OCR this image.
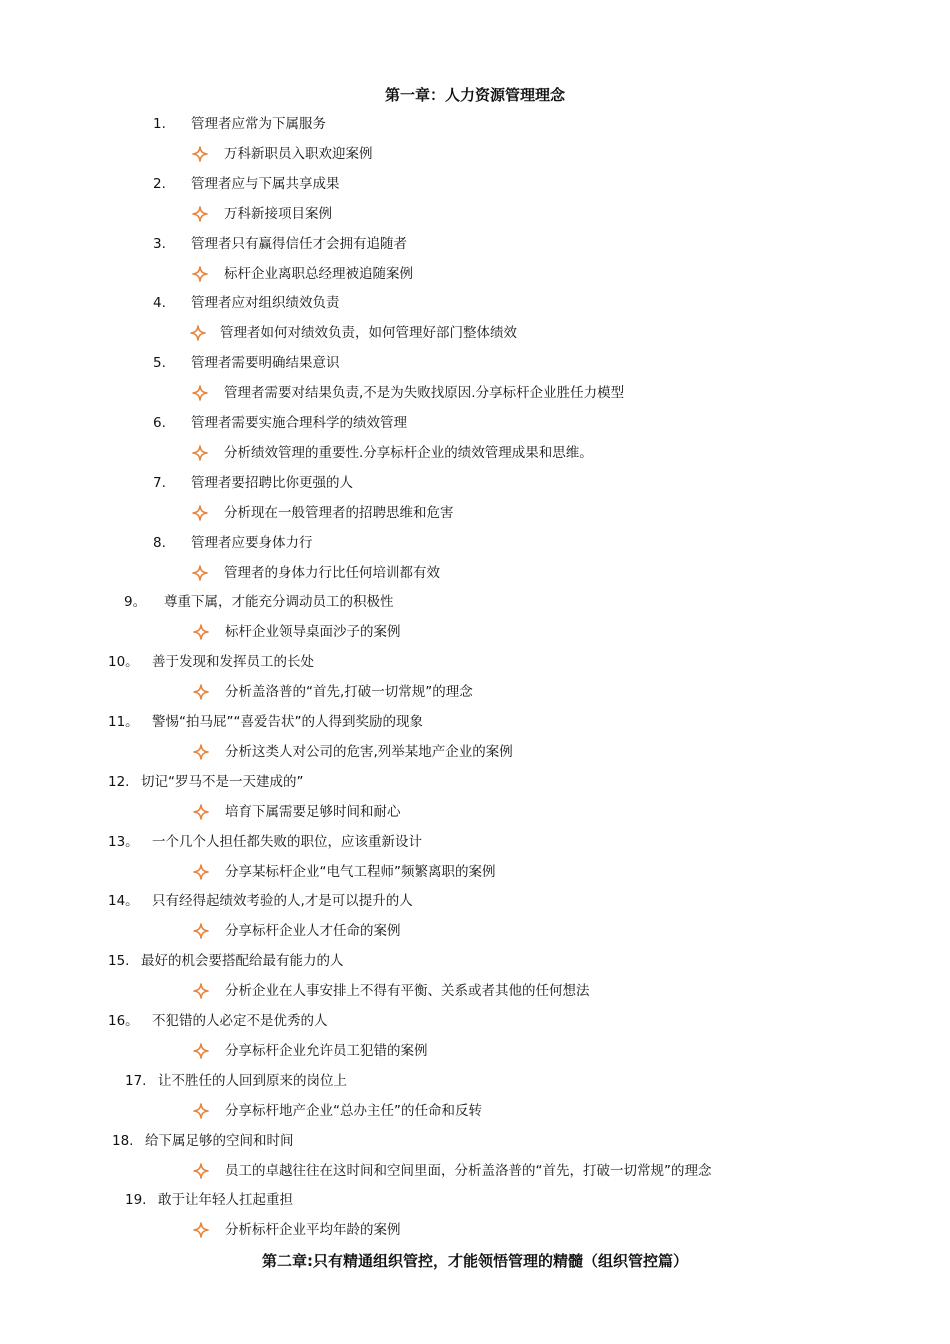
第一章：人力资源管理理念
1. 管理者应常为下属服务
万科新职员入职欢迎案例
2. 管理者应与下属共享成果
万科新接项目案例
3. 管理者只有赢得信任才会拥有追随者
标杆企业离职总经理被追随案例
4. 管理者应对组织绩效负责
管理者如何对绩效负责，如何管理好部门整体绩效
5. 管理者需要明确结果意识
管理者需要对结果负责,不是为失败找原因.分享标杆企业胜任力模型
6. 管理者需要实施合理科学的绩效管理
分析绩效管理的重要性.分享标杆企业的绩效管理成果和思维。
7. 管理者要招聘比你更强的人
分析现在一般管理者的招聘思维和危害
8. 管理者应要身体力行
管理者的身体力行比任何培训都有效
9。 尊重下属，才能充分调动员工的积极性
标杆企业领导桌面沙子的案例
10。 善于发现和发挥员工的长处
分析盖洛普的“首先,打破一切常规”的理念
11。 警惕“拍马屁”“喜爱告状”的人得到奖励的现象
分析这类人对公司的危害,列举某地产企业的案例
12. 切记“罗马不是一天建成的”
培育下属需要足够时间和耐心
13。 一个几个人担任都失败的职位，应该重新设计
分享某标杆企业“电气工程师”频繁离职的案例
14。 只有经得起绩效考验的人,才是可以提升的人
分享标杆企业人才任命的案例
15. 最好的机会要搭配给最有能力的人
分析企业在人事安排上不得有平衡、关系或者其他的任何想法
16。 不犯错的人必定不是优秀的人
分享标杆企业允许员工犯错的案例
17. 让不胜任的人回到原来的岗位上
分享标杆地产企业“总办主任”的任命和反转
18. 给下属足够的空间和时间
员工的卓越往往在这时间和空间里面，分析盖洛普的“首先，打破一切常规”的理念
19. 敢于让年轻人扛起重担
分析标杆企业平均年龄的案例
第二章:只有精通组织管控，才能领悟管理的精髓（组织管控篇）
